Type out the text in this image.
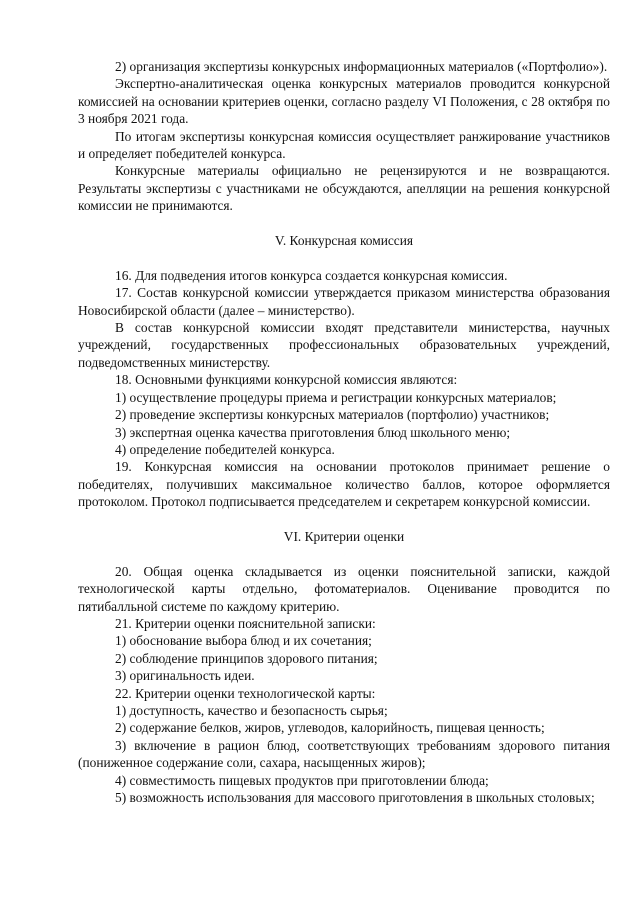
2) организация экспертизы конкурсных информационных материалов («Портфолио»).

Экспертно-аналитическая оценка конкурсных материалов проводится конкурсной комиссией на основании критериев оценки, согласно разделу VI Положения, с 28 октября по 3 ноября 2021 года.

По итогам экспертизы конкурсная комиссия осуществляет ранжирование участников и определяет победителей конкурса.

Конкурсные материалы официально не рецензируются и не возвращаются. Результаты экспертизы с участниками не обсуждаются, апелляции на решения конкурсной комиссии не принимаются.

V. Конкурсная комиссия

16. Для подведения итогов конкурса создается конкурсная комиссия.

17. Состав конкурсной комиссии утверждается приказом министерства образования Новосибирской области (далее – министерство).

В состав конкурсной комиссии входят представители министерства, научных учреждений, государственных профессиональных образовательных учреждений, подведомственных министерству.

18. Основными функциями конкурсной комиссия являются:

1) осуществление процедуры приема и регистрации конкурсных материалов;

2) проведение экспертизы конкурсных материалов (портфолио) участников;

3) экспертная оценка качества приготовления блюд школьного меню;

4) определение победителей конкурса.

19. Конкурсная комиссия на основании протоколов принимает решение о победителях, получивших максимальное количество баллов, которое оформляется протоколом. Протокол подписывается председателем и секретарем конкурсной комиссии.

VI. Критерии оценки

20. Общая оценка складывается из оценки пояснительной записки, каждой технологической карты отдельно, фотоматериалов. Оценивание проводится по пятибалльной системе по каждому критерию.

21. Критерии оценки пояснительной записки:

1) обоснование выбора блюд и их сочетания;

2) соблюдение принципов здорового питания;

3) оригинальность идеи.

22. Критерии оценки технологической карты:

1) доступность, качество и безопасность сырья;

2) содержание белков, жиров, углеводов, калорийность, пищевая ценность;

3) включение в рацион блюд, соответствующих требованиям здорового питания (пониженное содержание соли, сахара, насыщенных жиров);

4) совместимость пищевых продуктов при приготовлении блюда;

5) возможность использования для массового приготовления в школьных столовых;
